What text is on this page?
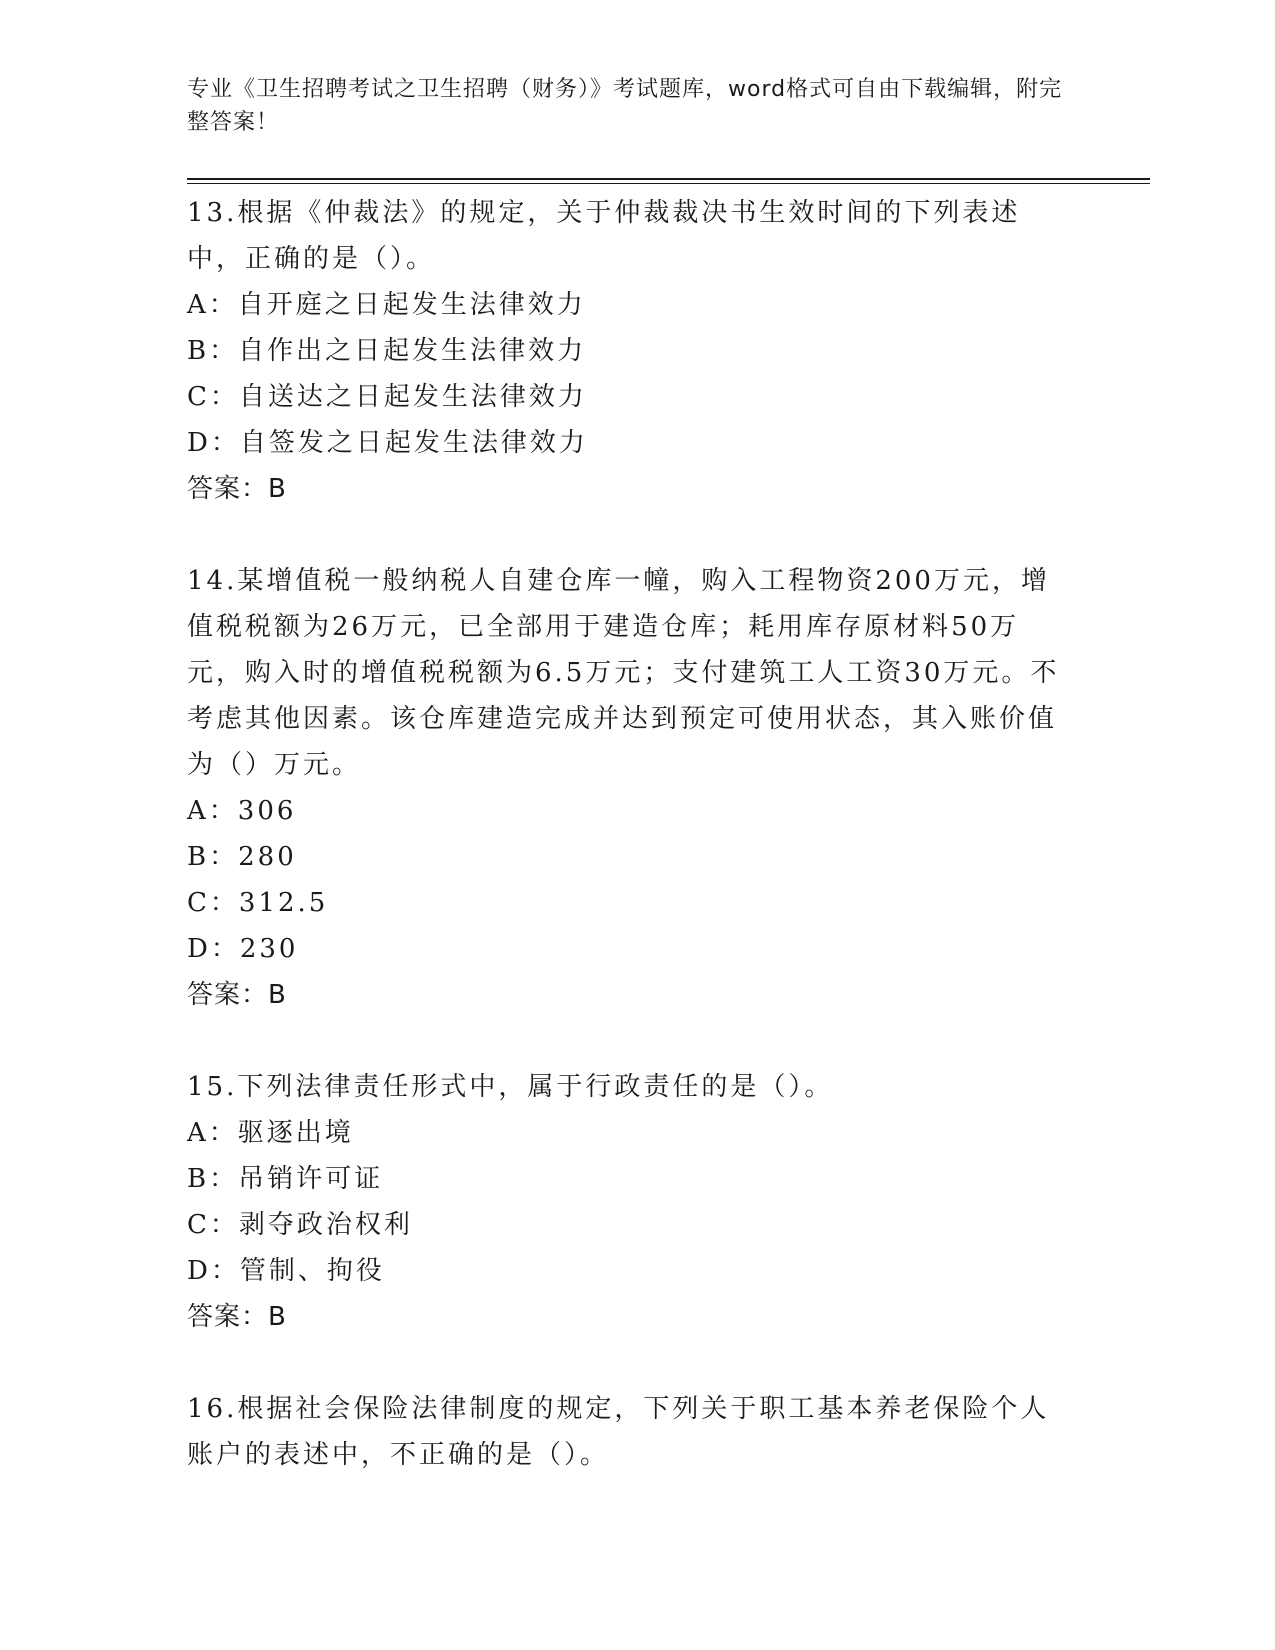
专业《卫生招聘考试之卫生招聘（财务）》考试题库，word格式可自由下载编辑，附完整答案！

13.根据《仲裁法》的规定，关于仲裁裁决书生效时间的下列表述中，正确的是（）。

A：自开庭之日起发生法律效力

B：自作出之日起发生法律效力

C：自送达之日起发生法律效力

D：自签发之日起发生法律效力

答案：B

14.某增值税一般纳税人自建仓库一幢，购入工程物资200万元，增值税税额为26万元，已全部用于建造仓库；耗用库存原材料50万元，购入时的增值税税额为6.5万元；支付建筑工人工资30万元。不考虑其他因素。该仓库建造完成并达到预定可使用状态，其入账价值为（）万元。

A：306

B：280

C：312.5

D：230

答案：B

15.下列法律责任形式中，属于行政责任的是（）。

A：驱逐出境

B：吊销许可证

C：剥夺政治权利

D：管制、拘役

答案：B

16.根据社会保险法律制度的规定，下列关于职工基本养老保险个人账户的表述中，不正确的是（）。
